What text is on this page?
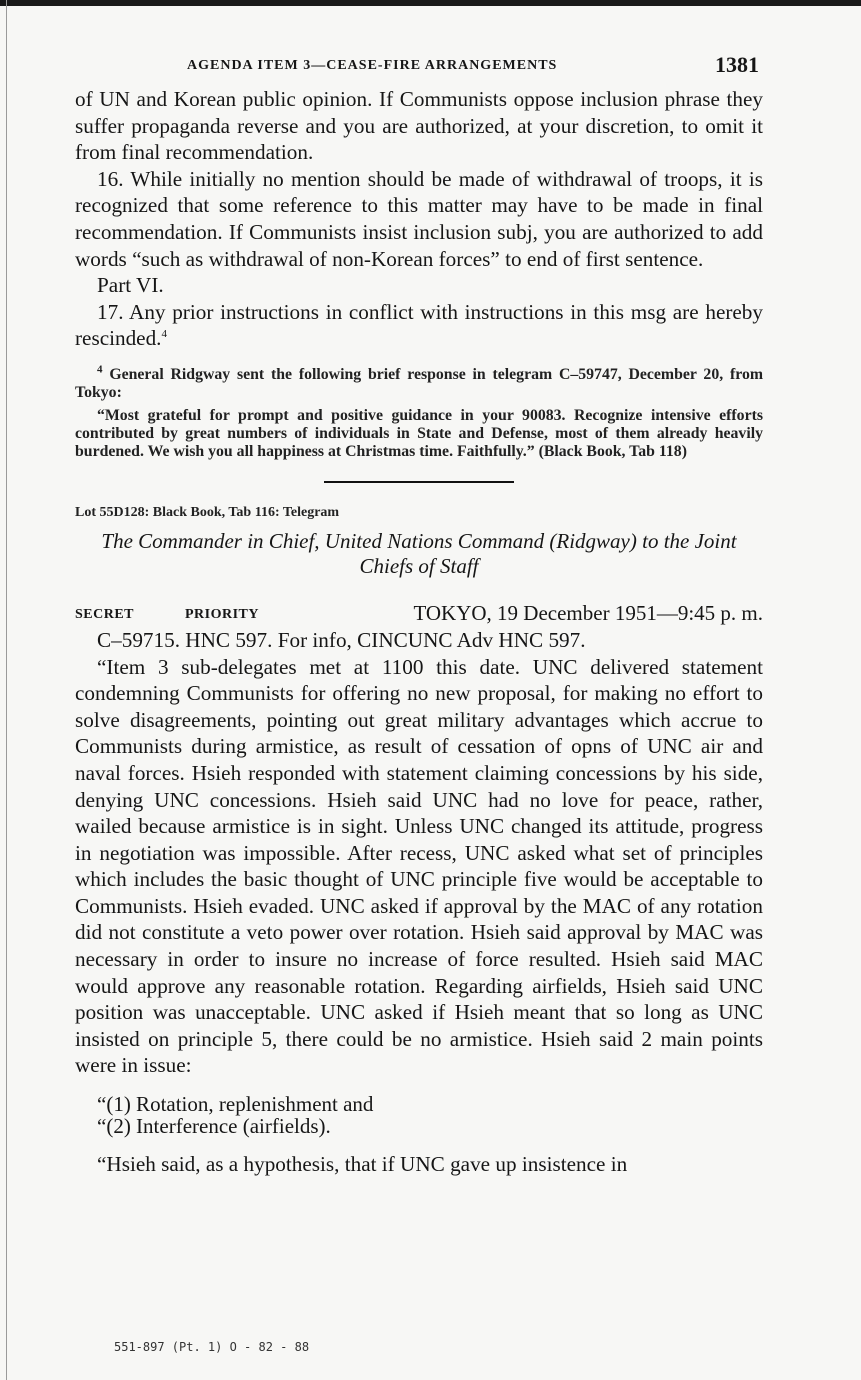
AGENDA ITEM 3—CEASE-FIRE ARRANGEMENTS	1381

of UN and Korean public opinion. If Communists oppose inclusion phrase they suffer propaganda reverse and you are authorized, at your discretion, to omit it from final recommendation.

16. While initially no mention should be made of withdrawal of troops, it is recognized that some reference to this matter may have to be made in final recommendation. If Communists insist inclusion subj, you are authorized to add words “such as withdrawal of non-Korean forces” to end of first sentence.

Part VI.

17. Any prior instructions in conflict with instructions in this msg are hereby rescinded.$^4$

$^4$ General Ridgway sent the following brief response in telegram C–59747, December 20, from Tokyo:

“Most grateful for prompt and positive guidance in your 90083. Recognize intensive efforts contributed by great numbers of individuals in State and Defense, most of them already heavily burdened. We wish you all happiness at Christmas time. Faithfully.” (Black Book, Tab 118)

Lot 55D128: Black Book, Tab 116: Telegram
The Commander in Chief, United Nations Command (Ridgway) to the Joint Chiefs of Staff
SECRET	PRIORITY	TOKYO, 19 December 1951—9:45 p. m.

C–59715. HNC 597. For info, CINCUNC Adv HNC 597.

“Item 3 sub-delegates met at 1100 this date. UNC delivered statement condemning Communists for offering no new proposal, for making no effort to solve disagreements, pointing out great military advantages which accrue to Communists during armistice, as result of cessation of opns of UNC air and naval forces. Hsieh responded with statement claiming concessions by his side, denying UNC concessions. Hsieh said UNC had no love for peace, rather, wailed because armistice is in sight. Unless UNC changed its attitude, progress in negotiation was impossible. After recess, UNC asked what set of principles which includes the basic thought of UNC principle five would be acceptable to Communists. Hsieh evaded. UNC asked if approval by the MAC of any rotation did not constitute a veto power over rotation. Hsieh said approval by MAC was necessary in order to insure no increase of force resulted. Hsieh said MAC would approve any reasonable rotation. Regarding airfields, Hsieh said UNC position was unacceptable. UNC asked if Hsieh meant that so long as UNC insisted on principle 5, there could be no armistice. Hsieh said 2 main points were in issue:

“(1) Rotation, replenishment and

“(2) Interference (airfields).

“Hsieh said, as a hypothesis, that if UNC gave up insistence in

551-897 (Pt. 1) O - 82 - 88
